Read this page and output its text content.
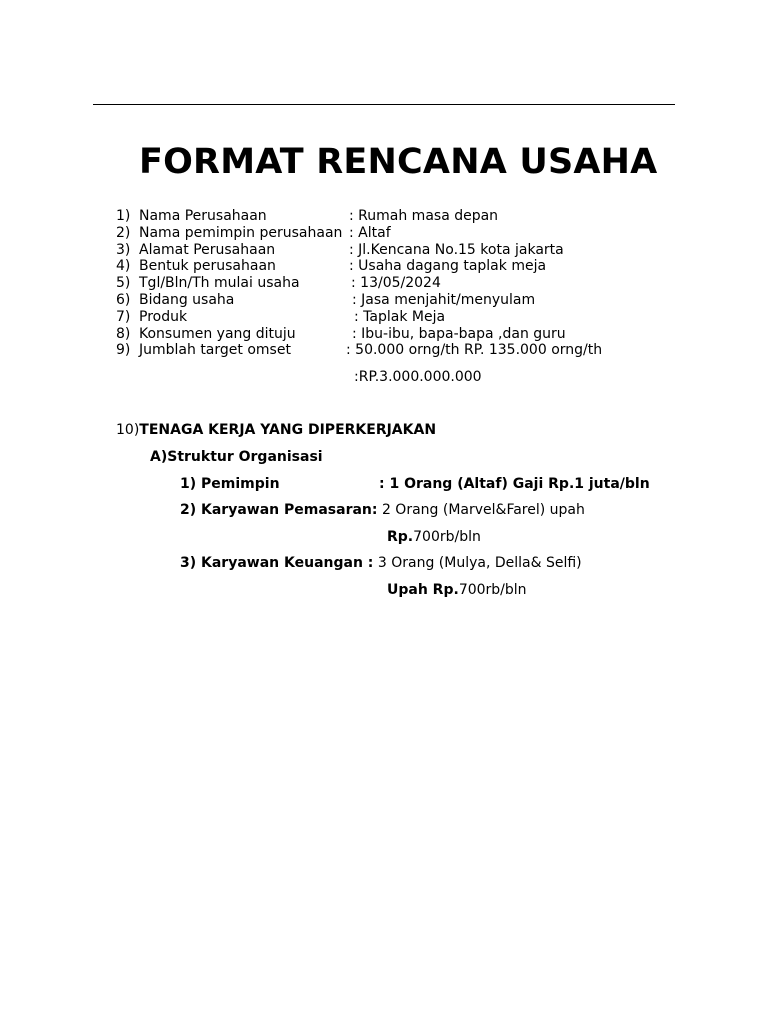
FORMAT RENCANA USAHA
1) Nama Perusahaan	: Rumah masa depan
2) Nama pemimpin perusahaan : Altaf
3) Alamat Perusahaan	: Jl.Kencana No.15 kota jakarta
4) Bentuk perusahaan	: Usaha dagang taplak meja
5) Tgl/Bln/Th mulai usaha	: 13/05/2024
6) Bidang usaha	: Jasa menjahit/menyulam
7) Produk	: Taplak Meja
8) Konsumen yang dituju	: Ibu-ibu, bapa-bapa ,dan guru
9) Jumblah target omset	: 50.000 orng/th RP. 135.000 orng/th
:RP.3.000.000.000
10)TENAGA KERJA YANG DIPERKERJAKAN
A)Struktur Organisasi
1) Pemimpin	: 1 Orang (Altaf) Gaji Rp.1 juta/bln
2) Karyawan Pemasaran: 2 Orang (Marvel&Farel) upah
Rp.700rb/bln
3) Karyawan Keuangan : 3 Orang (Mulya, Della& Selfi)
Upah Rp.700rb/bln
